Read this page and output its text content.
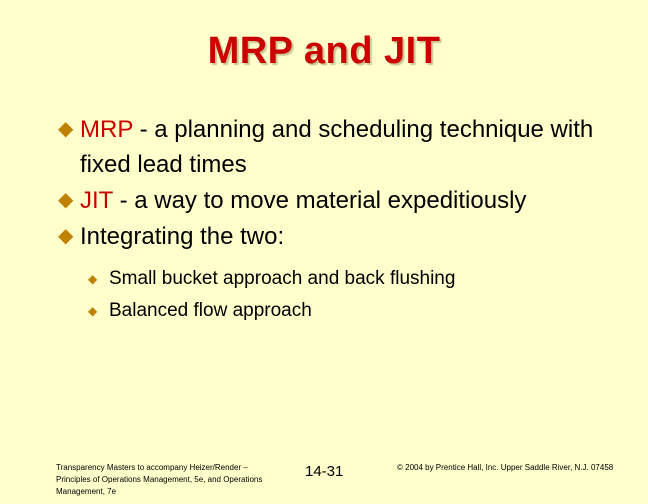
MRP and JIT
◆ MRP - a planning and scheduling technique with fixed lead times
◆ JIT - a way to move material expeditiously
◆ Integrating the two:
◆ Small bucket approach and back flushing
◆ Balanced flow approach
Transparency Masters to accompany Heizer/Render – Principles of Operations Management, 5e, and Operations Management, 7e
14-31	© 2004 by Prentice Hall, Inc. Upper Saddle River, N.J. 07458
